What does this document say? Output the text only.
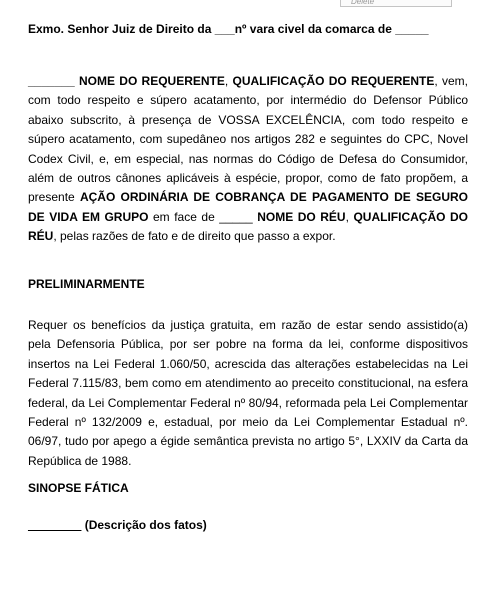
Delete
Exmo. Senhor Juiz de Direito da ___nº vara civel da comarca de _____
_______ NOME DO REQUERENTE, QUALIFICAÇÃO DO REQUERENTE, vem, com todo respeito e súpero acatamento, por intermédio do Defensor Público abaixo subscrito, à presença de VOSSA EXCELÊNCIA, com todo respeito e súpero acatamento, com supedâneo nos artigos 282 e seguintes do CPC, Novel Codex Civil, e, em especial, nas normas do Código de Defesa do Consumidor, além de outros cânones aplicáveis à espécie, propor, como de fato propõem, a presente AÇÃO ORDINÁRIA DE COBRANÇA DE PAGAMENTO DE SEGURO DE VIDA EM GRUPO em face de _____ NOME DO RÉU, QUALIFICAÇÃO DO RÉU, pelas razões de fato e de direito que passo a expor.
PRELIMINARMENTE
Requer os benefícios da justiça gratuita, em razão de estar sendo assistido(a) pela Defensoria Pública, por ser pobre na forma da lei, conforme dispositivos insertos na Lei Federal 1.060/50, acrescida das alterações estabelecidas na Lei Federal 7.115/83, bem como em atendimento ao preceito constitucional, na esfera federal, da Lei Complementar Federal nº 80/94, reformada pela Lei Complementar Federal nº 132/2009 e, estadual, por meio da Lei Complementar Estadual nº. 06/97, tudo por apego a égide semântica prevista no artigo 5°, LXXIV da Carta da República de 1988.
SINOPSE FÁTICA
________ (Descrição dos fatos)
